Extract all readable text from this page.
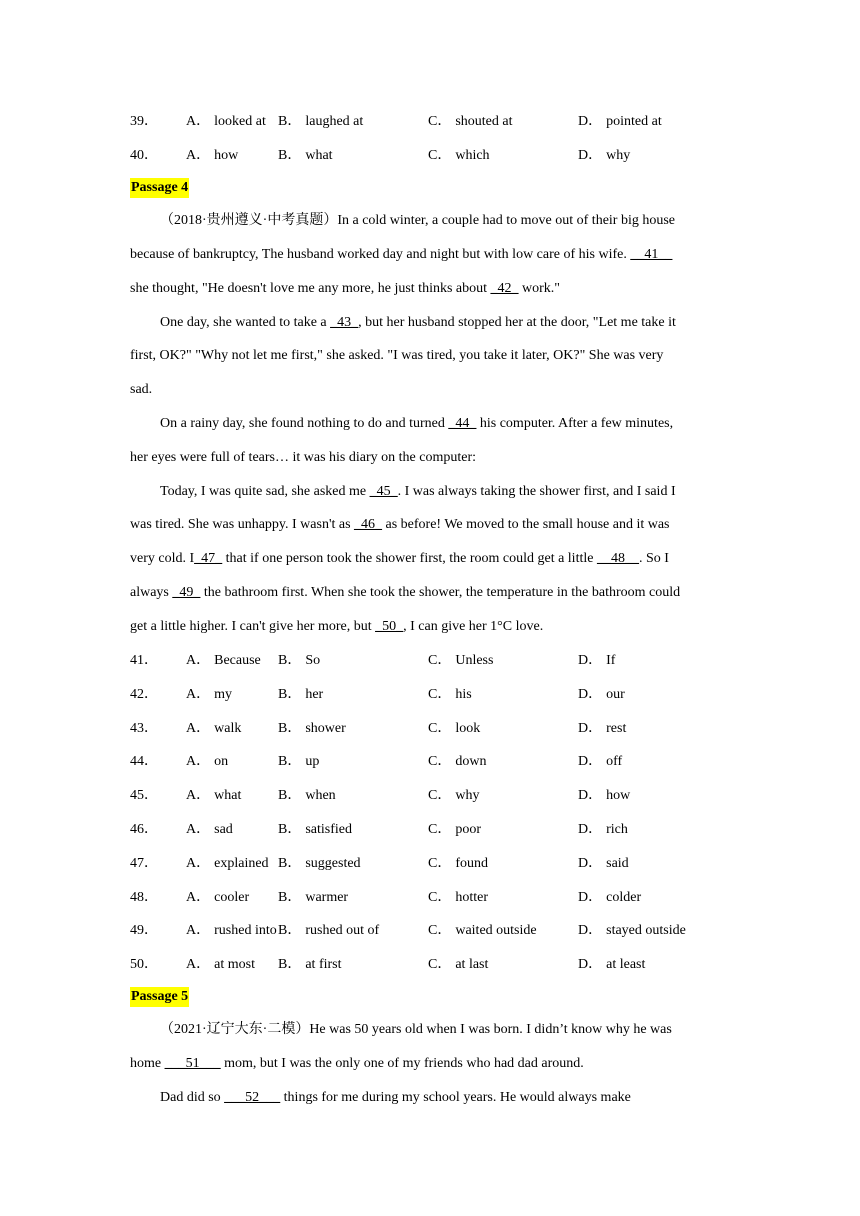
39． A． looked at B． laughed at	C． shouted at	D． pointed at
40． A． how	B． what	C． which	D． why
Passage 4
（2018·贵州遵义·中考真题）In a cold winter, a couple had to move out of their big house
because of bankruptcy, The husband worked day and night but with low care of his wife. __41__
she thought, "He doesn't love me any more, he just thinks about _42_ work."
One day, she wanted to take a _43_, but her husband stopped her at the door, "Let me take it
first, OK?" "Why not let me first," she asked. "I was tired, you take it later, OK?" She was very
sad.
On a rainy day, she found nothing to do and turned _44_ his computer. After a few minutes,
her eyes were full of tears… it was his diary on the computer:
Today, I was quite sad, she asked me _45_. I was always taking the shower first, and I said I
was tired. She was unhappy. I wasn't as _46_ as before! We moved to the small house and it was
very cold. I_47_ that if one person took the shower first, the room could get a little __48__. So I
always _49_ the bathroom first. When she took the shower, the temperature in the bathroom could
get a little higher. I can't give her more, but _50_, I can give her 1°C love.
41． A． Because B． So	C． Unless	D． If
42． A． my	B． her	C． his	D． our
43． A． walk	B． shower	C． look	D． rest
44． A． on	B． up	C． down	D． off
45． A． what	B． when	C． why	D． how
46． A． sad	B． satisfied	C． poor	D． rich
47． A． explained B． suggested	C． found	D． said
48． A． cooler B． warmer	C． hotter	D． colder
49． A． rushed into B． rushed out of	C． waited outside	D． stayed outside
50． A． at most B． at first	C． at last	D． at least
Passage 5
（2021·辽宁大东·二模）He was 50 years old when I was born. I didn’t know why he was
home ___51___ mom, but I was the only one of my friends who had dad around.
Dad did so ___52___ things for me during my school years. He would always make
